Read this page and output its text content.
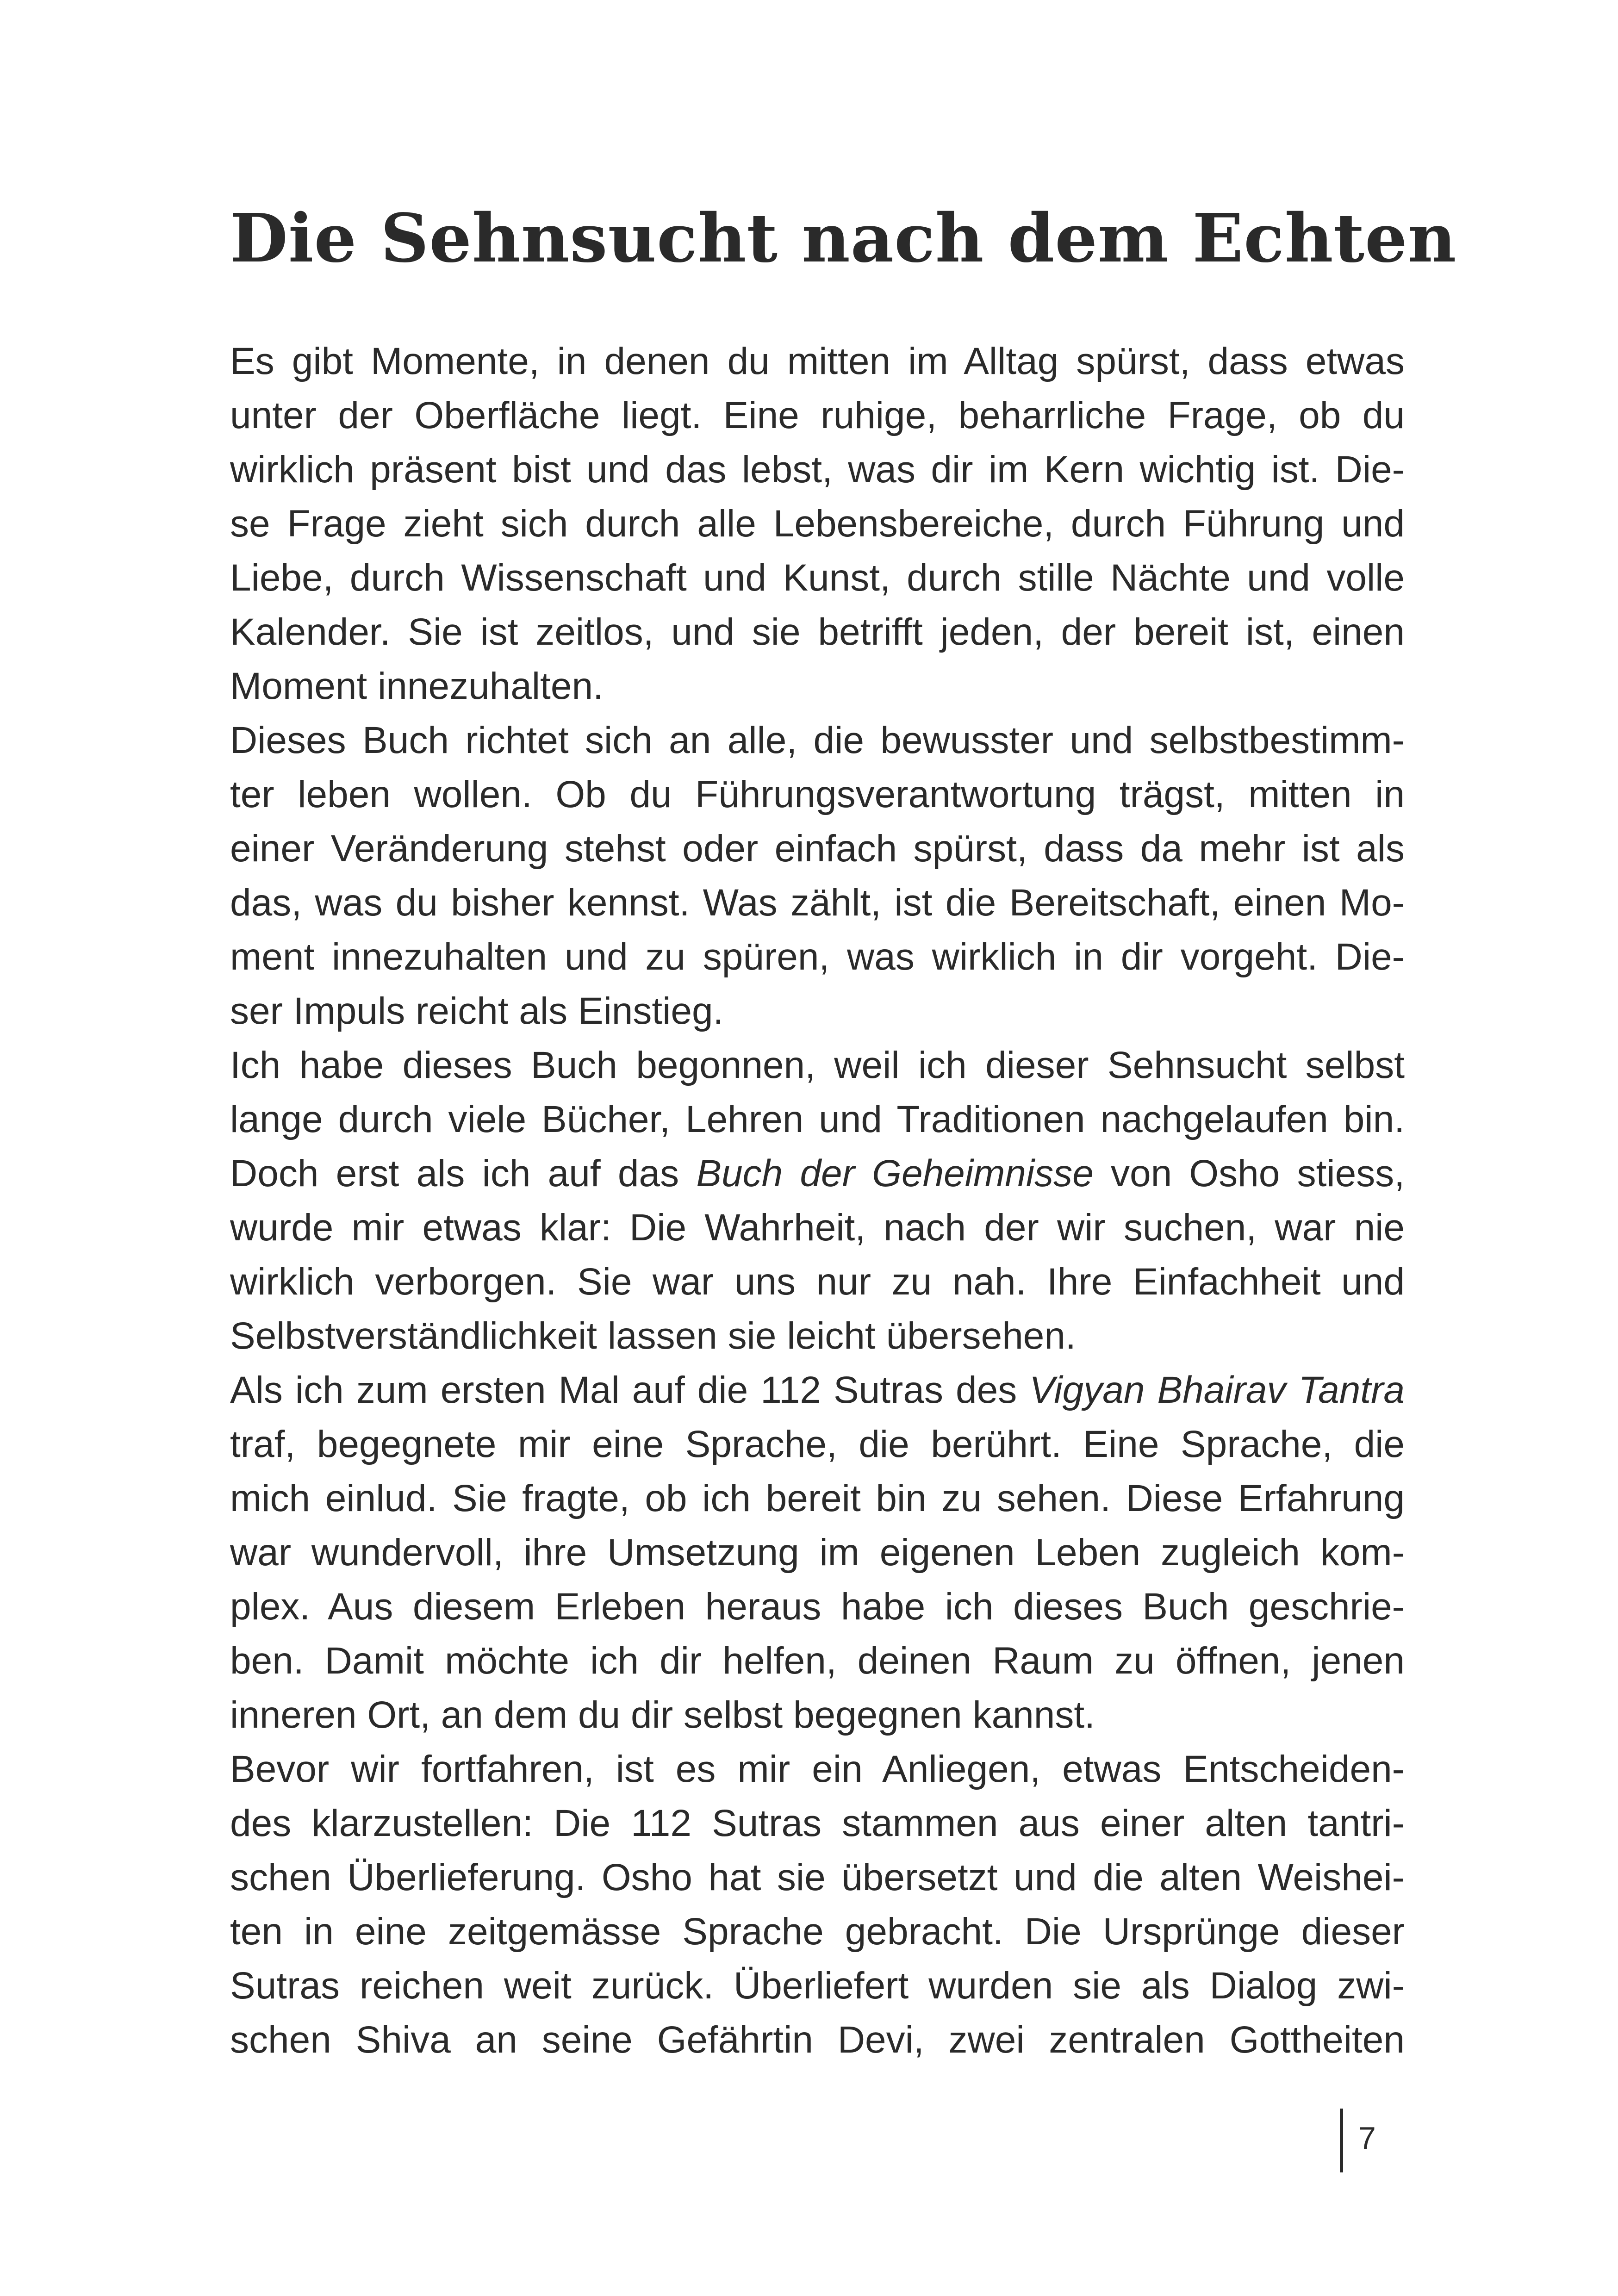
Die Sehnsucht nach dem Echten
Es gibt Momente, in denen du mitten im Alltag spürst, dass etwas
unter der Oberfläche liegt. Eine ruhige, beharrliche Frage, ob du
wirklich präsent bist und das lebst, was dir im Kern wichtig ist. Die-
se Frage zieht sich durch alle Lebensbereiche, durch Führung und
Liebe, durch Wissenschaft und Kunst, durch stille Nächte und volle
Kalender. Sie ist zeitlos, und sie betrifft jeden, der bereit ist, einen
Moment innezuhalten.
Dieses Buch richtet sich an alle, die bewusster und selbstbestimm-
ter leben wollen. Ob du Führungsverantwortung trägst, mitten in
einer Veränderung stehst oder einfach spürst, dass da mehr ist als
das, was du bisher kennst. Was zählt, ist die Bereitschaft, einen Mo-
ment innezuhalten und zu spüren, was wirklich in dir vorgeht. Die-
ser Impuls reicht als Einstieg.
Ich habe dieses Buch begonnen, weil ich dieser Sehnsucht selbst
lange durch viele Bücher, Lehren und Traditionen nachgelaufen bin.
Doch erst als ich auf das Buch der Geheimnisse von Osho stiess,
wurde mir etwas klar: Die Wahrheit, nach der wir suchen, war nie
wirklich verborgen. Sie war uns nur zu nah. Ihre Einfachheit und
Selbstverständlichkeit lassen sie leicht übersehen.
Als ich zum ersten Mal auf die 112 Sutras des Vigyan Bhairav Tantra
traf, begegnete mir eine Sprache, die berührt. Eine Sprache, die
mich einlud. Sie fragte, ob ich bereit bin zu sehen. Diese Erfahrung
war wundervoll, ihre Umsetzung im eigenen Leben zugleich kom-
plex. Aus diesem Erleben heraus habe ich dieses Buch geschrie-
ben. Damit möchte ich dir helfen, deinen Raum zu öffnen, jenen
inneren Ort, an dem du dir selbst begegnen kannst.
Bevor wir fortfahren, ist es mir ein Anliegen, etwas Entscheiden-
des klarzustellen: Die 112 Sutras stammen aus einer alten tantri-
schen Überlieferung. Osho hat sie übersetzt und die alten Weishei-
ten in eine zeitgemässe Sprache gebracht. Die Ursprünge dieser
Sutras reichen weit zurück. Überliefert wurden sie als Dialog zwi-
schen Shiva an seine Gefährtin Devi, zwei zentralen Gottheiten
7
